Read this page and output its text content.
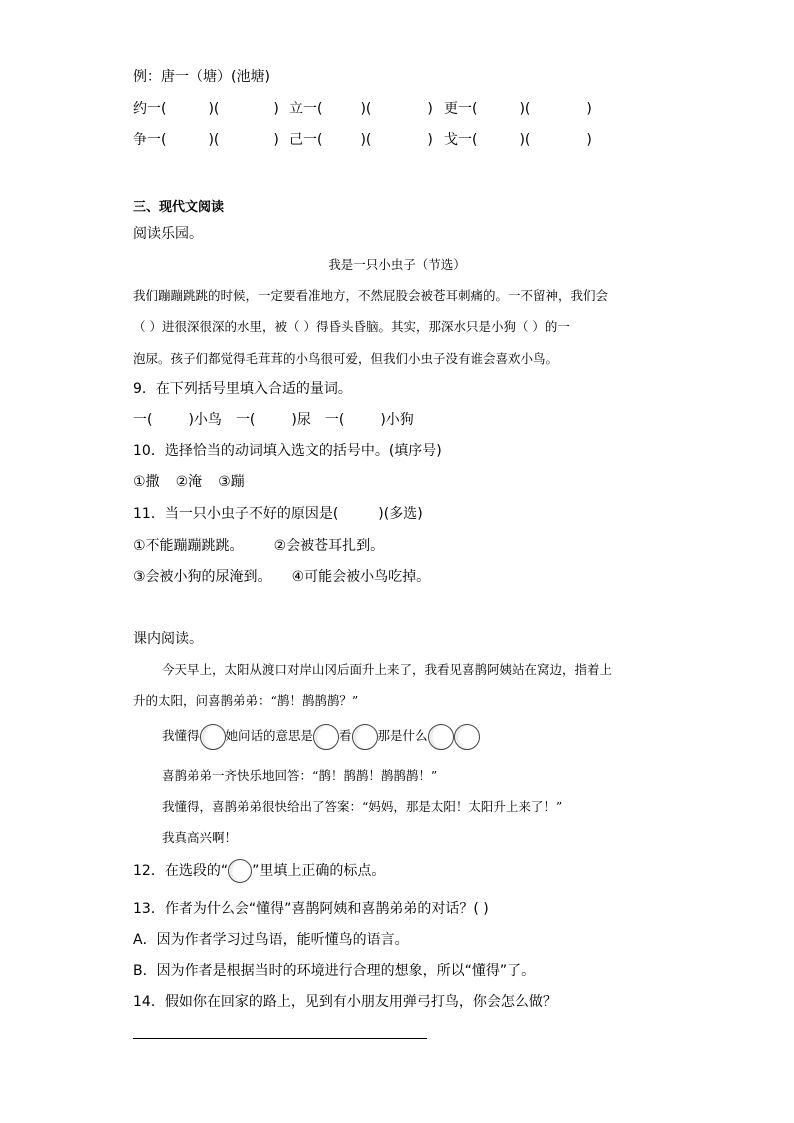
例：唐一（塘）(池塘)
约一(	)(	) 立一(	)(	) 更一(	)(	)
争一(	)(	) 己一(	)(	) 戈一(	)(	)
三、现代文阅读
阅读乐园。
我是一只小虫子（节选）
我们蹦蹦跳跳的时候，一定要看准地方，不然屁股会被苍耳刺痛的。一不留神，我们会
（ ）进很深很深的水里，被（ ）得昏头昏脑。其实，那深水只是小狗（ ）的一
泡尿。孩子们都觉得毛茸茸的小鸟很可爱，但我们小虫子没有谁会喜欢小鸟。
9．在下列括号里填入合适的量词。
一(	)小鸟 一(	)尿 一(	)小狗
10．选择恰当的动词填入选文的括号中。(填序号)
①撒 ②淹 ③蹦
11．当一只小虫子不好的原因是(	)(多选)
①不能蹦蹦跳跳。 ②会被苍耳扎到。
③会被小狗的尿淹到。 ④可能会被小鸟吃掉。
课内阅读。
今天早上，太阳从渡口对岸山冈后面升上来了，我看见喜鹊阿姨站在窝边，指着上
升的太阳，问喜鹊弟弟：“鹊！鹊鹊鹊？”
我懂得 她问话的意思是 看 那是什么
喜鹊弟弟一齐快乐地回答：“鹊！鹊鹊！鹊鹊鹊！”
我懂得，喜鹊弟弟很快给出了答案：“妈妈，那是太阳！太阳升上来了！”
我真高兴啊！
12．在选段的“ ”里填上正确的标点。
13．作者为什么会“懂得”喜鹊阿姨和喜鹊弟弟的对话？( )
A．因为作者学习过鸟语，能听懂鸟的语言。
B．因为作者是根据当时的环境进行合理的想象，所以“懂得”了。
14．假如你在回家的路上，见到有小朋友用弹弓打鸟，你会怎么做？
